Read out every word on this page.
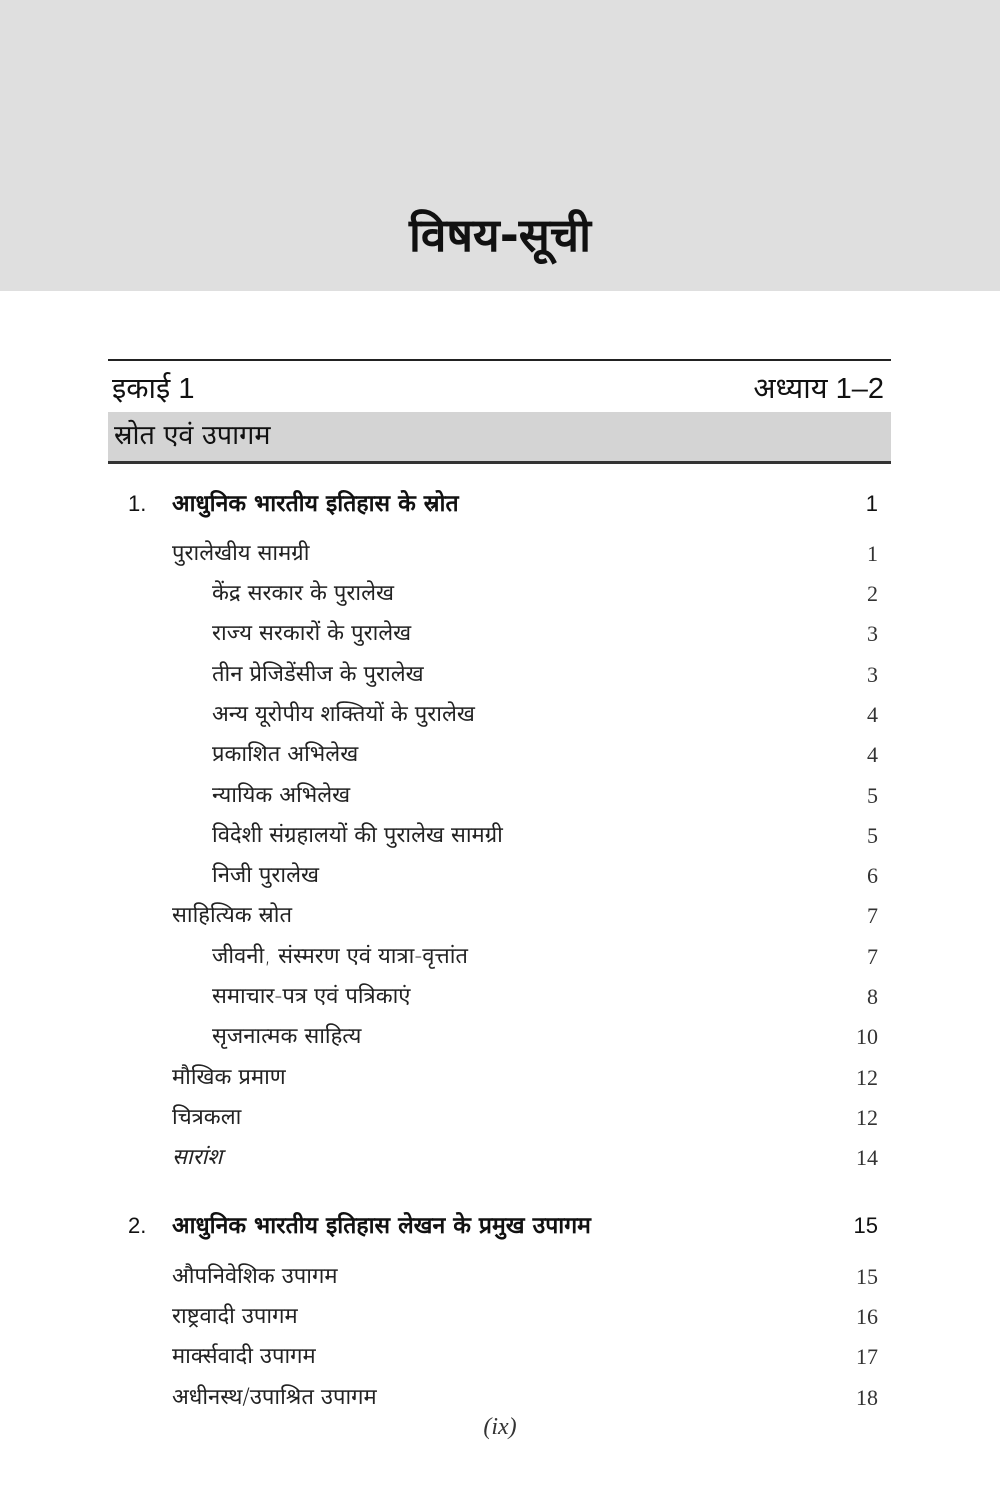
विषय-सूची
इकाई 1	अध्याय 1–2
स्रोत एवं उपागम
1. आधुनिक भारतीय इतिहास के स्रोत	1
पुरालेखीय सामग्री	1
केंद्र सरकार के पुरालेख	2
राज्य सरकारों के पुरालेख	3
तीन प्रेजिडेंसीज के पुरालेख	3
अन्य यूरोपीय शक्तियों के पुरालेख	4
प्रकाशित अभिलेख	4
न्यायिक अभिलेख	5
विदेशी संग्रहालयों की पुरालेख सामग्री	5
निजी पुरालेख	6
साहित्यिक स्रोत	7
जीवनी, संस्मरण एवं यात्रा-वृत्तांत	7
समाचार-पत्र एवं पत्रिकाएं	8
सृजनात्मक साहित्य	10
मौखिक प्रमाण	12
चित्रकला	12
सारांश	14
2. आधुनिक भारतीय इतिहास लेखन के प्रमुख उपागम	15
औपनिवेशिक उपागम	15
राष्ट्रवादी उपागम	16
मार्क्सवादी उपागम	17
अधीनस्थ/उपाश्रित उपागम	18
(ix)
